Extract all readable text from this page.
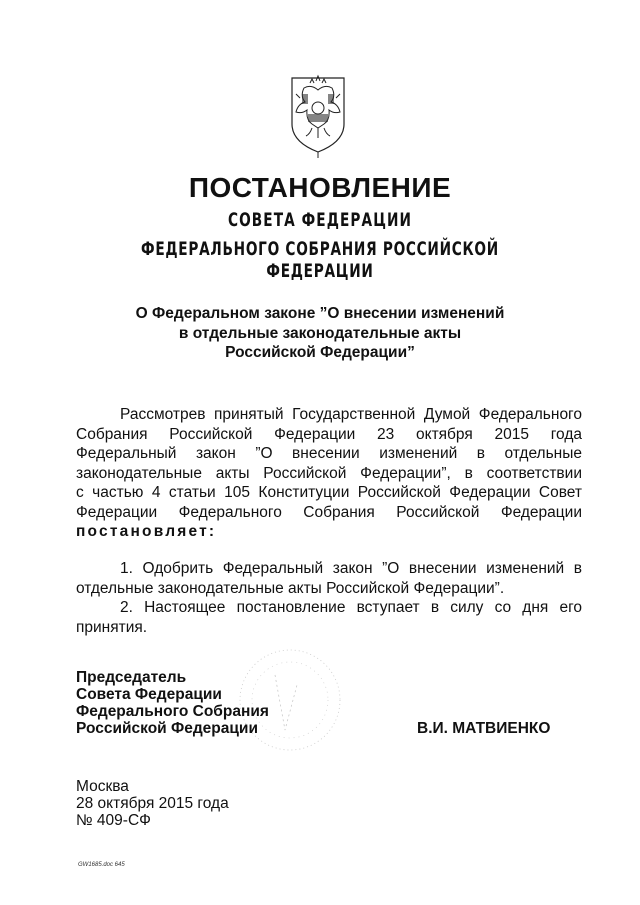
ПОСТАНОВЛЕНИЕ
СОВЕТА ФЕДЕРАЦИИ
ФЕДЕРАЛЬНОГО СОБРАНИЯ РОССИЙСКОЙ ФЕДЕРАЦИИ
О Федеральном законе ”О внесении изменений
в отдельные законодательные акты
Российской Федерации”
Рассмотрев принятый Государственной Думой Федерального
Собрания Российской Федерации 23 октября 2015 года
Федеральный закон ”О внесении изменений в отдельные
законодательные акты Российской Федерации”, в соответствии
с частью 4 статьи 105 Конституции Российской Федерации Совет
Федерации Федерального Собрания Российской Федерации
постановляет:
1. Одобрить Федеральный закон ”О внесении изменений в
отдельные законодательные акты Российской Федерации”.
2. Настоящее постановление вступает в силу со дня его
принятия.
Председатель
Совета Федерации
Федерального Собрания
Российской Федерации	В.И. МАТВИЕНКО
Москва
28 октября 2015 года
№ 409-СФ
GW1685.doc 645
